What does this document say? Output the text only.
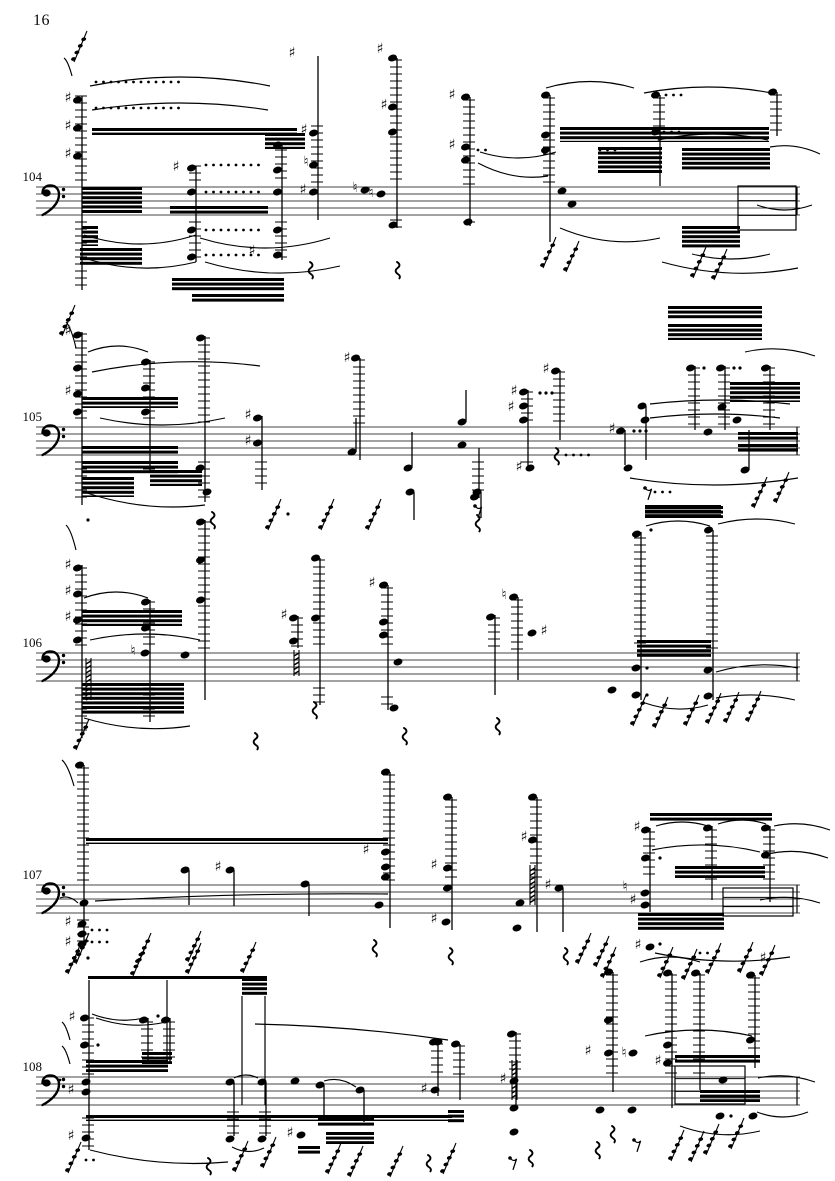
16
104
♯
♯
♯
♯
♯
♯
♯
♯
♮
♯
♯
♮ ♮
♯
♯
105
♯
♯
♯
♯
♯
♯
♯
♯
♯
♯
106
♯
♯
♯
♮
♯
♯
♮
♯
107
♯
♯
♯
♯
♯
♯
♯
♯
♯
♮
♯
♯
108
♯
♯
♯	♯
♯
♯
♯ ♮
♯
♯
